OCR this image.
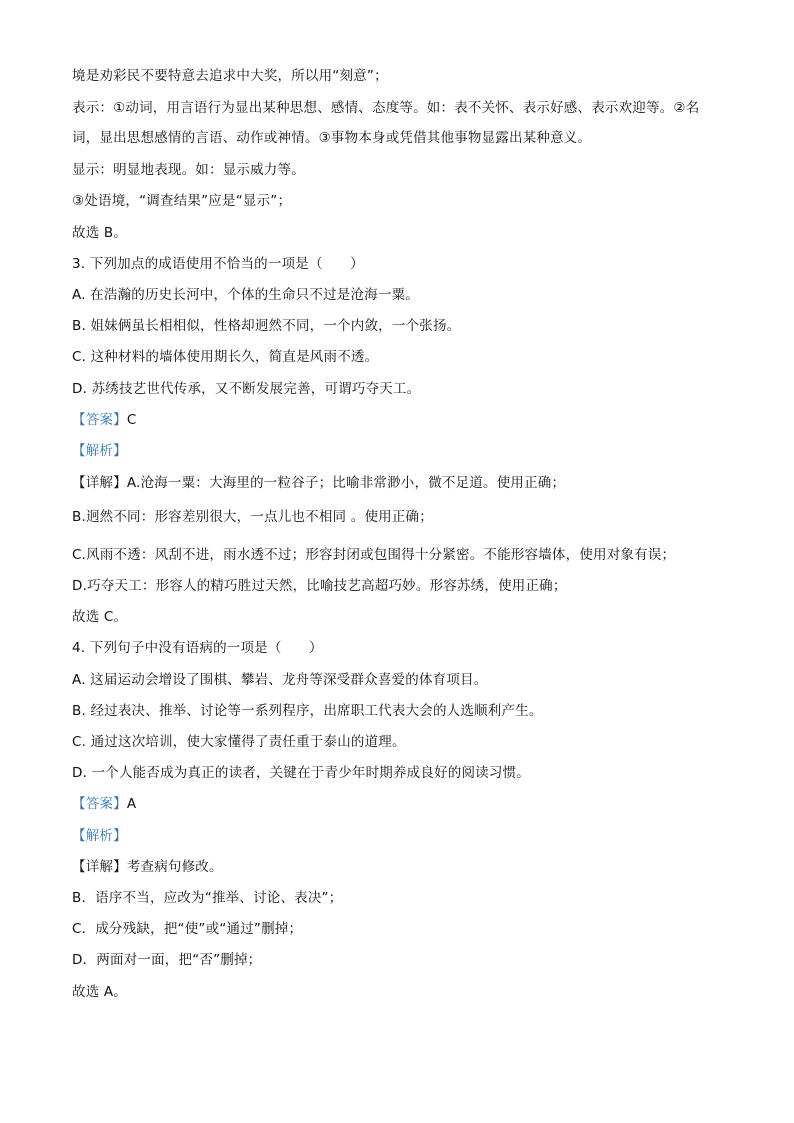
境是劝彩民不要特意去追求中大奖，所以用“刻意”；
表示：①动词，用言语行为显出某种思想、感情、态度等。如：表不关怀、表示好感、表示欢迎等。②名
词，显出思想感情的言语、动作或神情。③事物本身或凭借其他事物显露出某种意义。
显示：明显地表现。如：显示威力等。
③处语境，“调查结果”应是“显示”；
故选 B。
3. 下列加点的成语使用不恰当的一项是（　　）
A. 在浩瀚的历史长河中，个体的生命只不过是沧海一粟。
B. 姐妹俩虽长相相似，性格却迥然不同，一个内敛，一个张扬。
C. 这种材料的墙体使用期长久，简直是风雨不透。
D. 苏绣技艺世代传承，又不断发展完善，可谓巧夺天工。
【答案】C
【解析】
【详解】A.沧海一粟：大海里的一粒谷子；比喻非常渺小，微不足道。使用正确；
B.迥然不同：形容差别很大，一点儿也不相同 。使用正确；
C.风雨不透：风刮不进，雨水透不过；形容封闭或包围得十分紧密。不能形容墙体，使用对象有误；
D.巧夺天工：形容人的精巧胜过天然，比喻技艺高超巧妙。形容苏绣，使用正确；
故选 C。
4. 下列句子中没有语病的一项是（　　）
A. 这届运动会增设了围棋、攀岩、龙舟等深受群众喜爱的体育项目。
B. 经过表决、推举、讨论等一系列程序，出席职工代表大会的人选顺利产生。
C. 通过这次培训，使大家懂得了责任重于泰山的道理。
D. 一个人能否成为真正的读者，关键在于青少年时期养成良好的阅读习惯。
【答案】A
【解析】
【详解】考查病句修改。
B．语序不当，应改为“推举、讨论、表决”；
C．成分残缺，把“使”或“通过”删掉；
D．两面对一面，把“否”删掉；
故选 A。
